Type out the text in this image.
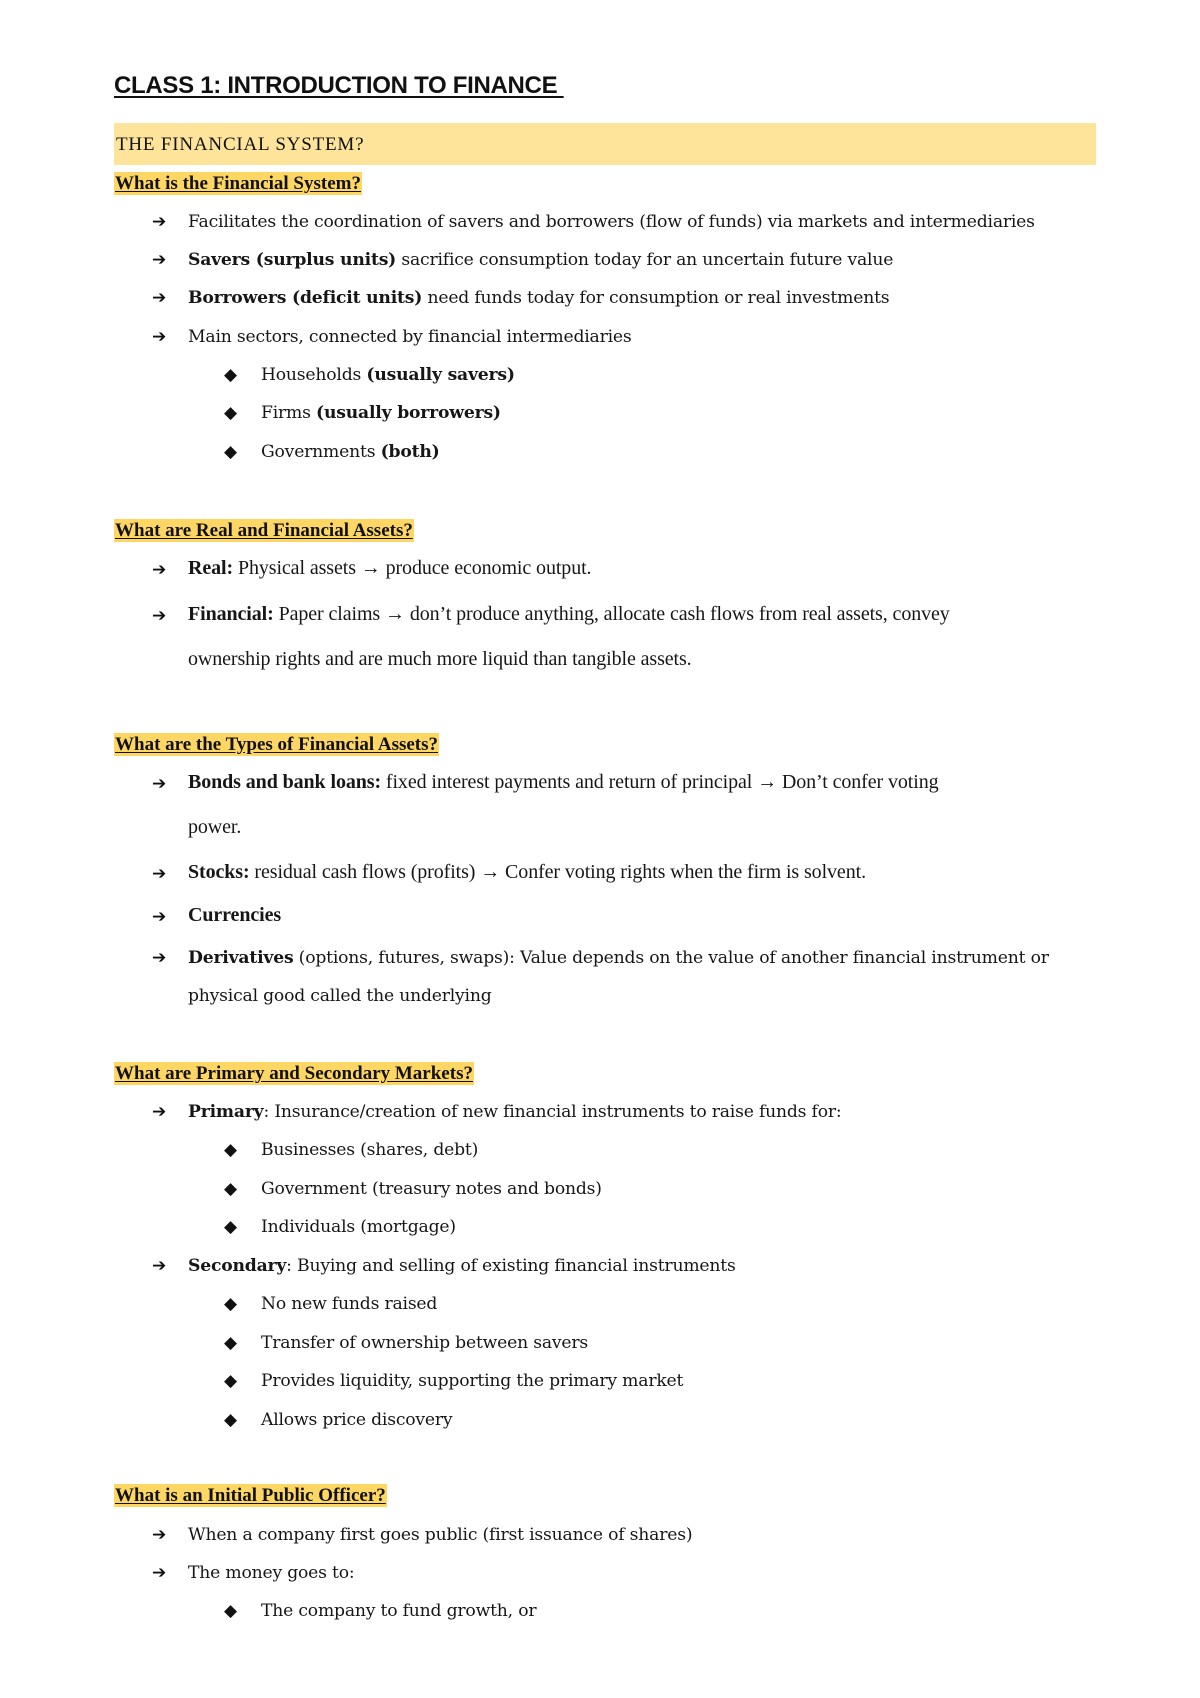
CLASS 1: INTRODUCTION TO FINANCE
THE FINANCIAL SYSTEM?
What is the Financial System?
➔ Facilitates the coordination of savers and borrowers (flow of funds) via markets and intermediaries
➔ Savers (surplus units) sacrifice consumption today for an uncertain future value
➔ Borrowers (deficit units) need funds today for consumption or real investments
➔ Main sectors, connected by financial intermediaries
◆ Households (usually savers)
◆ Firms (usually borrowers)
◆ Governments (both)
What are Real and Financial Assets?
➔ Real: Physical assets → produce economic output.
➔ Financial: Paper claims → don’t produce anything, allocate cash flows from real assets, convey
ownership rights and are much more liquid than tangible assets.
What are the Types of Financial Assets?
➔ Bonds and bank loans: fixed interest payments and return of principal → Don’t confer voting
power.
➔ Stocks: residual cash flows (profits) → Confer voting rights when the firm is solvent.
➔ Currencies
➔ Derivatives (options, futures, swaps): Value depends on the value of another financial instrument or
physical good called the underlying
What are Primary and Secondary Markets?
➔ Primary: Insurance/creation of new financial instruments to raise funds for:
◆ Businesses (shares, debt)
◆ Government (treasury notes and bonds)
◆ Individuals (mortgage)
➔ Secondary: Buying and selling of existing financial instruments
◆ No new funds raised
◆ Transfer of ownership between savers
◆ Provides liquidity, supporting the primary market
◆ Allows price discovery
What is an Initial Public Officer?
➔ When a company first goes public (first issuance of shares)
➔ The money goes to:
◆ The company to fund growth, or
